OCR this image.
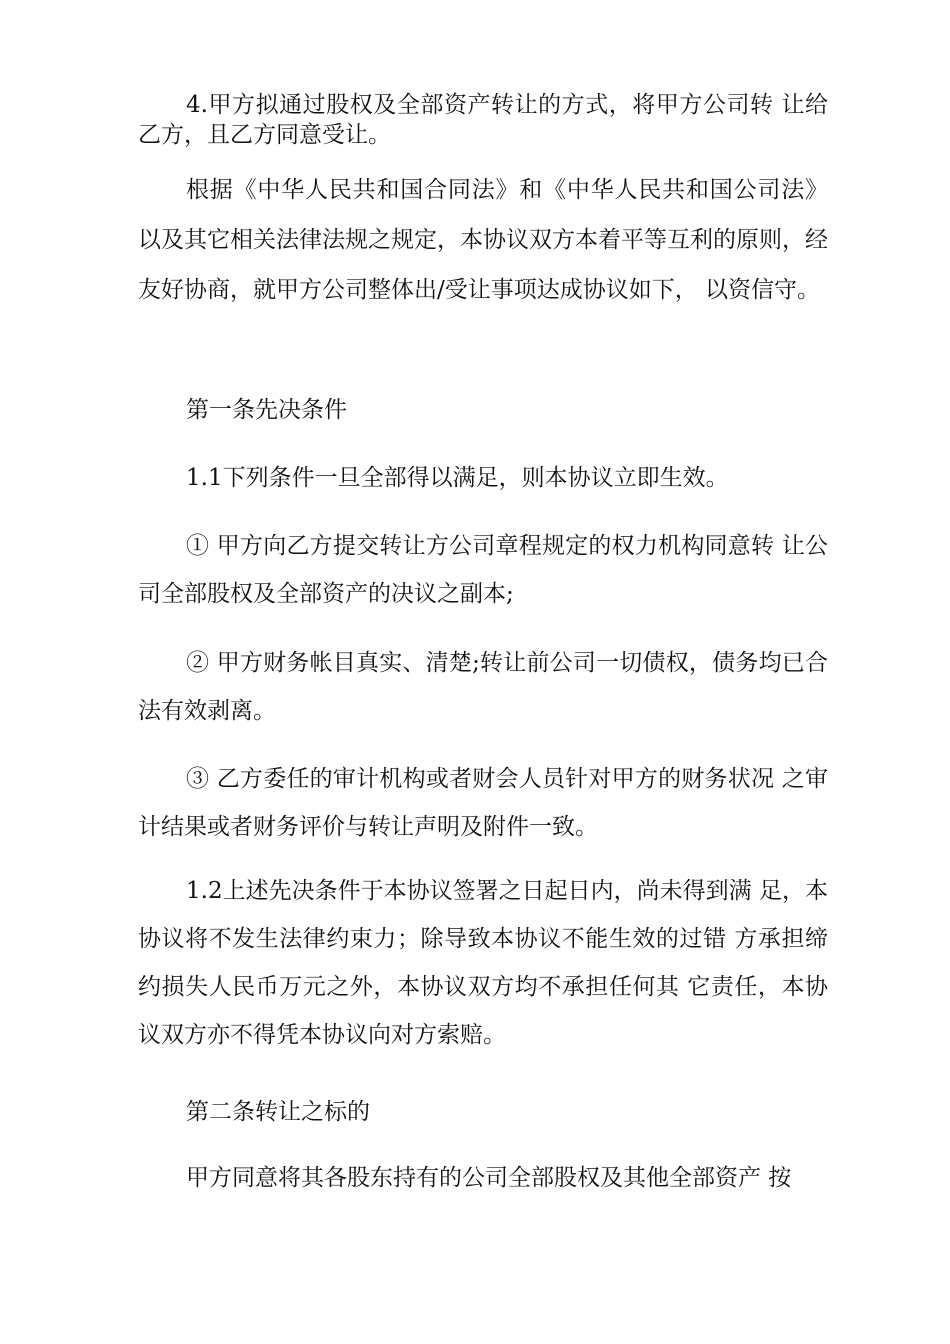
4.甲方拟通过股权及全部资产转让的方式，将甲方公司转 让给乙方，且乙方同意受让。

根据《中华人民共和国合同法》和《中华人民共和国公司法》以及其它相关法律法规之规定，本协议双方本着平等互利的原则，经友好协商，就甲方公司整体出/受让事项达成协议如下， 以资信守。

第一条先决条件

1.1下列条件一旦全部得以满足，则本协议立即生效。

① 甲方向乙方提交转让方公司章程规定的权力机构同意转 让公司全部股权及全部资产的决议之副本;

② 甲方财务帐目真实、清楚;转让前公司一切债权，债务均已合法有效剥离。

③ 乙方委任的审计机构或者财会人员针对甲方的财务状况 之审计结果或者财务评价与转让声明及附件一致。

1.2上述先决条件于本协议签署之日起日内，尚未得到满 足，本协议将不发生法律约束力；除导致本协议不能生效的过错 方承担缔约损失人民币万元之外，本协议双方均不承担任何其 它责任，本协议双方亦不得凭本协议向对方索赔。

第二条转让之标的

甲方同意将其各股东持有的公司全部股权及其他全部资产 按
